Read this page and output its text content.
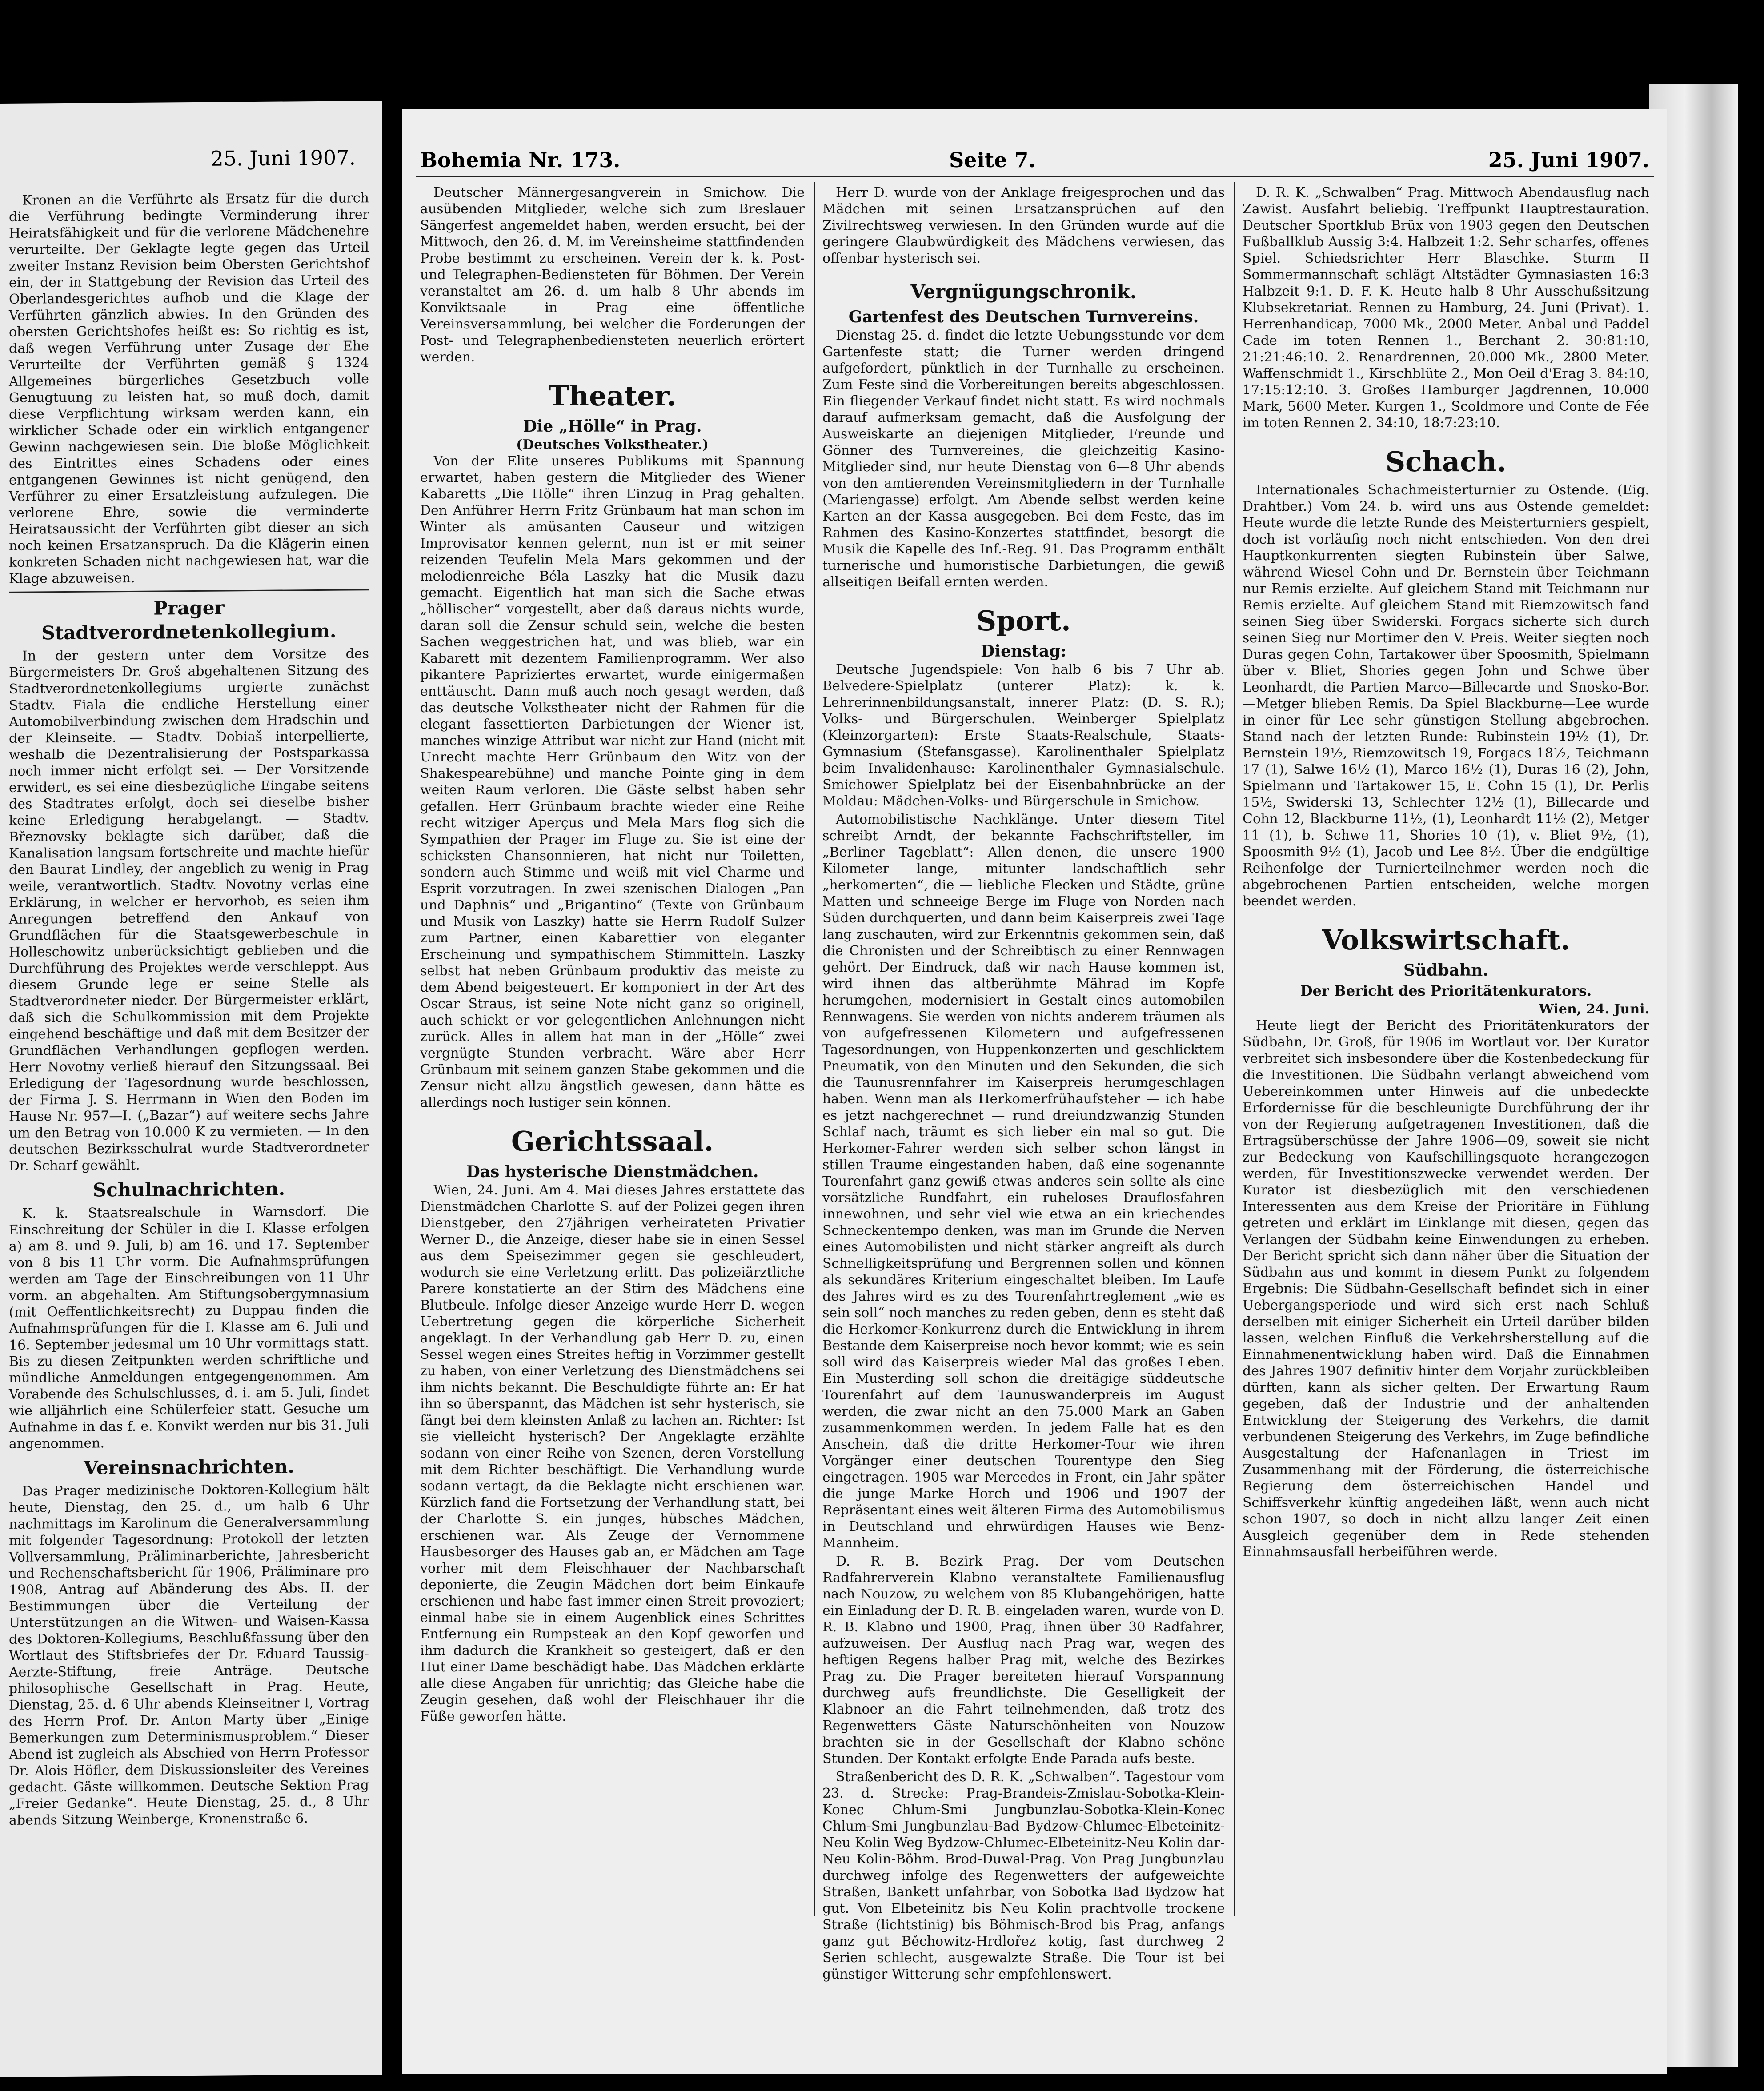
25. Juni 1907.

Kronen an die Verführte als Ersatz für die durch die Verführung bedingte Verminderung ihrer Heiratsfähigkeit und für die verlorene Mädchenehre verurteilte. Der Geklagte legte gegen das Urteil zweiter Instanz Revision beim Obersten Gerichtshof ein, der in Stattgebung der Revision das Urteil des Oberlandesgerichtes aufhob und die Klage der Verführten gänzlich abwies. In den Gründen des obersten Gerichtshofes heißt es: So richtig es ist, daß wegen Verführung unter Zusage der Ehe Verurteilte der Verführten gemäß § 1324 Allgemeines bürgerliches Gesetzbuch volle Genugtuung zu leisten hat, so muß doch, damit diese Verpflichtung wirksam werden kann, ein wirklicher Schade oder ein wirklich entgangener Gewinn nachgewiesen sein. Die bloße Möglichkeit des Eintrittes eines Schadens oder eines entgangenen Gewinnes ist nicht genügend, den Verführer zu einer Ersatzleistung aufzulegen. Die verlorene Ehre, sowie die verminderte Heiratsaussicht der Verführten gibt dieser an sich noch keinen Ersatzanspruch. Da die Klägerin einen konkreten Schaden nicht nachgewiesen hat, war die Klage abzuweisen.

Prager Stadtverordnetenkollegium.

In der gestern unter dem Vorsitze des Bürgermeisters Dr. Groš abgehaltenen Sitzung des Stadtverordnetenkollegiums urgierte zunächst Stadtv. Fiala die endliche Herstellung einer Automobilverbindung zwischen dem Hradschin und der Kleinseite. — Stadtv. Dobiaš interpellierte, weshalb die Dezentralisierung der Postsparkassa noch immer nicht erfolgt sei. — Der Vorsitzende erwidert, es sei eine diesbezügliche Eingabe seitens des Stadtrates erfolgt, doch sei dieselbe bisher keine Erledigung herabgelangt. — Stadtv. Březnovsky beklagte sich darüber, daß die Kanalisation langsam fortschreite und machte hiefür den Baurat Lindley, der angeblich zu wenig in Prag weile, verantwortlich. Stadtv. Novotny verlas eine Erklärung, in welcher er hervorhob, es seien ihm Anregungen betreffend den Ankauf von Grundflächen für die Staatsgewerbeschule in Holleschowitz unberücksichtigt geblieben und die Durchführung des Projektes werde verschleppt. Aus diesem Grunde lege er seine Stelle als Stadtverordneter nieder. Der Bürgermeister erklärt, daß sich die Schulkommission mit dem Projekte eingehend beschäftige und daß mit dem Besitzer der Grundflächen Verhandlungen gepflogen werden. Herr Novotny verließ hierauf den Sitzungssaal. Bei Erledigung der Tagesordnung wurde beschlossen, der Firma J. S. Herrmann in Wien den Boden im Hause Nr. 957—I. („Bazar“) auf weitere sechs Jahre um den Betrag von 10.000 K zu vermieten. — In den deutschen Bezirksschulrat wurde Stadtverordneter Dr. Scharf gewählt.

Schulnachrichten.

K. k. Staatsrealschule in Warnsdorf. Die Einschreitung der Schüler in die I. Klasse erfolgen a) am 8. und 9. Juli, b) am 16. und 17. September von 8 bis 11 Uhr vorm. Die Aufnahmsprüfungen werden am Tage der Einschreibungen von 11 Uhr vorm. an abgehalten. Am Stiftungsobergymnasium (mit Oeffentlichkeitsrecht) zu Duppau finden die Aufnahmsprüfungen für die I. Klasse am 6. Juli und 16. September jedesmal um 10 Uhr vormittags statt. Bis zu diesen Zeitpunkten werden schriftliche und mündliche Anmeldungen entgegengenommen. Am Vorabende des Schulschlusses, d. i. am 5. Juli, findet wie alljährlich eine Schülerfeier statt. Gesuche um Aufnahme in das f. e. Konvikt werden nur bis 31. Juli angenommen.

Vereinsnachrichten.

Das Prager medizinische Doktoren-Kollegium hält heute, Dienstag, den 25. d., um halb 6 Uhr nachmittags im Karolinum die Generalversammlung mit folgender Tagesordnung: Protokoll der letzten Vollversammlung, Präliminarberichte, Jahresbericht und Rechenschaftsbericht für 1906, Präliminare pro 1908, Antrag auf Abänderung des Abs. II. der Bestimmungen über die Verteilung der Unterstützungen an die Witwen- und Waisen-Kassa des Doktoren-Kollegiums, Beschlußfassung über den Wortlaut des Stiftsbriefes der Dr. Eduard Taussig-Aerzte-Stiftung, freie Anträge. Deutsche philosophische Gesellschaft in Prag. Heute, Dienstag, 25. d. 6 Uhr abends Kleinseitner I, Vortrag des Herrn Prof. Dr. Anton Marty über „Einige Bemerkungen zum Determinismusproblem.“ Dieser Abend ist zugleich als Abschied von Herrn Professor Dr. Alois Höfler, dem Diskussionsleiter des Vereines gedacht. Gäste willkommen. Deutsche Sektion Prag „Freier Gedanke“. Heute Dienstag, 25. d., 8 Uhr abends Sitzung Weinberge, Kronenstraße 6.

Bohemia Nr. 173.	Seite 7.	25. Juni 1907.

Deutscher Männergesangverein in Smichow. Die ausübenden Mitglieder, welche sich zum Breslauer Sängerfest angemeldet haben, werden ersucht, bei der Mittwoch, den 26. d. M. im Vereinsheime stattfindenden Probe bestimmt zu erscheinen. Verein der k. k. Post- und Telegraphen-Bediensteten für Böhmen. Der Verein veranstaltet am 26. d. um halb 8 Uhr abends im Konviktsaale in Prag eine öffentliche Vereinsversammlung, bei welcher die Forderungen der Post- und Telegraphenbediensteten neuerlich erörtert werden.

Theater.
Die „Hölle“ in Prag.
(Deutsches Volkstheater.)

Von der Elite unseres Publikums mit Spannung erwartet, haben gestern die Mitglieder des Wiener Kabaretts „Die Hölle“ ihren Einzug in Prag gehalten. Den Anführer Herrn Fritz Grünbaum hat man schon im Winter als amüsanten Causeur und witzigen Improvisator kennen gelernt, nun ist er mit seiner reizenden Teufelin Mela Mars gekommen und der melodienreiche Béla Laszky hat die Musik dazu gemacht. Eigentlich hat man sich die Sache etwas „höllischer“ vorgestellt, aber daß daraus nichts wurde, daran soll die Zensur schuld sein, welche die besten Sachen weggestrichen hat, und was blieb, war ein Kabarett mit dezentem Familienprogramm. Wer also pikantere Papriziertes erwartet, wurde einigermaßen enttäuscht. Dann muß auch noch gesagt werden, daß das deutsche Volkstheater nicht der Rahmen für die elegant fassettierten Darbietungen der Wiener ist, manches winzige Attribut war nicht zur Hand (nicht mit Unrecht machte Herr Grünbaum den Witz von der Shakespearebühne) und manche Pointe ging in dem weiten Raum verloren. Die Gäste selbst haben sehr gefallen. Herr Grünbaum brachte wieder eine Reihe recht witziger Aperçus und Mela Mars flog sich die Sympathien der Prager im Fluge zu. Sie ist eine der schicksten Chansonnieren, hat nicht nur Toiletten, sondern auch Stimme und weiß mit viel Charme und Esprit vorzutragen. In zwei szenischen Dialogen „Pan und Daphnis“ und „Brigantino“ (Texte von Grünbaum und Musik von Laszky) hatte sie Herrn Rudolf Sulzer zum Partner, einen Kabarettier von eleganter Erscheinung und sympathischem Stimmitteln. Laszky selbst hat neben Grünbaum produktiv das meiste zu dem Abend beigesteuert. Er komponiert in der Art des Oscar Straus, ist seine Note nicht ganz so originell, auch schickt er vor gelegentlichen Anlehnungen nicht zurück. Alles in allem hat man in der „Hölle“ zwei vergnügte Stunden verbracht. Wäre aber Herr Grünbaum mit seinem ganzen Stabe gekommen und die Zensur nicht allzu ängstlich gewesen, dann hätte es allerdings noch lustiger sein können.

Gerichtssaal.
Das hysterische Dienstmädchen.

Wien, 24. Juni. Am 4. Mai dieses Jahres erstattete das Dienstmädchen Charlotte S. auf der Polizei gegen ihren Dienstgeber, den 27jährigen verheirateten Privatier Werner D., die Anzeige, dieser habe sie in einen Sessel aus dem Speisezimmer gegen sie geschleudert, wodurch sie eine Verletzung erlitt. Das polizeiärztliche Parere konstatierte an der Stirn des Mädchens eine Blutbeule. Infolge dieser Anzeige wurde Herr D. wegen Uebertretung gegen die körperliche Sicherheit angeklagt. In der Verhandlung gab Herr D. zu, einen Sessel wegen eines Streites heftig in Vorzimmer gestellt zu haben, von einer Verletzung des Dienstmädchens sei ihm nichts bekannt. Die Beschuldigte führte an: Er hat ihn so überspannt, das Mädchen ist sehr hysterisch, sie fängt bei dem kleinsten Anlaß zu lachen an. Richter: Ist sie vielleicht hysterisch? Der Angeklagte erzählte sodann von einer Reihe von Szenen, deren Vorstellung mit dem Richter beschäftigt. Die Verhandlung wurde sodann vertagt, da die Beklagte nicht erschienen war. Kürzlich fand die Fortsetzung der Verhandlung statt, bei der Charlotte S. ein junges, hübsches Mädchen, erschienen war. Als Zeuge der Vernommene Hausbesorger des Hauses gab an, er Mädchen am Tage vorher mit dem Fleischhauer der Nachbarschaft deponierte, die Zeugin Mädchen dort beim Einkaufe erschienen und habe fast immer einen Streit provoziert; einmal habe sie in einem Augenblick eines Schrittes Entfernung ein Rumpsteak an den Kopf geworfen und ihm dadurch die Krankheit so gesteigert, daß er den Hut einer Dame beschädigt habe. Das Mädchen erklärte alle diese Angaben für unrichtig; das Gleiche habe die Zeugin gesehen, daß wohl der Fleischhauer ihr die Füße geworfen hätte.

Herr D. wurde von der Anklage freigesprochen und das Mädchen mit seinen Ersatzansprüchen auf den Zivilrechtsweg verwiesen. In den Gründen wurde auf die geringere Glaubwürdigkeit des Mädchens verwiesen, das offenbar hysterisch sei.

Vergnügungschronik.
Gartenfest des Deutschen Turnvereins.

Dienstag 25. d. findet die letzte Uebungsstunde vor dem Gartenfeste statt; die Turner werden dringend aufgefordert, pünktlich in der Turnhalle zu erscheinen. Zum Feste sind die Vorbereitungen bereits abgeschlossen. Ein fliegender Verkauf findet nicht statt. Es wird nochmals darauf aufmerksam gemacht, daß die Ausfolgung der Ausweiskarte an diejenigen Mitglieder, Freunde und Gönner des Turnvereines, die gleichzeitig Kasino-Mitglieder sind, nur heute Dienstag von 6—8 Uhr abends von den amtierenden Vereinsmitgliedern in der Turnhalle (Mariengasse) erfolgt. Am Abende selbst werden keine Karten an der Kassa ausgegeben. Bei dem Feste, das im Rahmen des Kasino-Konzertes stattfindet, besorgt die Musik die Kapelle des Inf.-Reg. 91. Das Programm enthält turnerische und humoristische Darbietungen, die gewiß allseitigen Beifall ernten werden.

Sport.
Dienstag:

Deutsche Jugendspiele: Von halb 6 bis 7 Uhr ab. Belvedere-Spielplatz (unterer Platz): k. k. Lehrerinnenbildungsanstalt, innerer Platz: (D. S. R.); Volks- und Bürgerschulen. Weinberger Spielplatz (Kleinzorgarten): Erste Staats-Realschule, Staats-Gymnasium (Stefansgasse). Karolinenthaler Spielplatz beim Invalidenhause: Karolinenthaler Gymnasialschule. Smichower Spielplatz bei der Eisenbahnbrücke an der Moldau: Mädchen-Volks- und Bürgerschule in Smichow.

Automobilistische Nachklänge. Unter diesem Titel schreibt Arndt, der bekannte Fachschriftsteller, im „Berliner Tageblatt“: Allen denen, die unsere 1900 Kilometer lange, mitunter landschaftlich sehr „herkomerten“, die — liebliche Flecken und Städte, grüne Matten und schneeige Berge im Fluge von Norden nach Süden durchquerten, und dann beim Kaiserpreis zwei Tage lang zuschauten, wird zur Erkenntnis gekommen sein, daß die Chronisten und der Schreibtisch zu einer Rennwagen gehört. Der Eindruck, daß wir nach Hause kommen ist, wird ihnen das altberühmte Mährad im Kopfe herumgehen, modernisiert in Gestalt eines automobilen Rennwagens. Sie werden von nichts anderem träumen als von aufgefressenen Kilometern und aufgefressenen Tagesordnungen, von Huppenkonzerten und geschlicktem Pneumatik, von den Minuten und den Sekunden, die sich die Taunusrennfahrer im Kaiserpreis herumgeschlagen haben. Wenn man als Herkomerfrühaufsteher — ich habe es jetzt nachgerechnet — rund dreiundzwanzig Stunden Schlaf nach, träumt es sich lieber ein mal so gut. Die Herkomer-Fahrer werden sich selber schon längst in stillen Traume eingestanden haben, daß eine sogenannte Tourenfahrt ganz gewiß etwas anderes sein sollte als eine vorsätzliche Rundfahrt, ein ruheloses Drauflosfahren innewohnen, und sehr viel wie etwa an ein kriechendes Schneckentempo denken, was man im Grunde die Nerven eines Automobilisten und nicht stärker angreift als durch Schnelligkeitsprüfung und Bergrennen sollen und können als sekundäres Kriterium eingeschaltet bleiben. Im Laufe des Jahres wird es zu des Tourenfahrtreglement „wie es sein soll“ noch manches zu reden geben, denn es steht daß die Herkomer-Konkurrenz durch die Entwicklung in ihrem Bestande dem Kaiserpreise noch bevor kommt; wie es sein soll wird das Kaiserpreis wieder Mal das großes Leben. Ein Musterding soll schon die dreitägige süddeutsche Tourenfahrt auf dem Taunuswanderpreis im August werden, die zwar nicht an den 75.000 Mark an Gaben zusammenkommen werden. In jedem Falle hat es den Anschein, daß die dritte Herkomer-Tour wie ihren Vorgänger einer deutschen Tourentype den Sieg eingetragen. 1905 war Mercedes in Front, ein Jahr später die junge Marke Horch und 1906 und 1907 der Repräsentant eines weit älteren Firma des Automobilismus in Deutschland und ehrwürdigen Hauses wie Benz-Mannheim.

D. R. B. Bezirk Prag. Der vom Deutschen Radfahrerverein Klabno veranstaltete Familienausflug nach Nouzow, zu welchem von 85 Klubangehörigen, hatte ein Einladung der D. R. B. eingeladen waren, wurde von D. R. B. Klabno und 1900, Prag, ihnen über 30 Radfahrer, aufzuweisen. Der Ausflug nach Prag war, wegen des heftigen Regens halber Prag mit, welche des Bezirkes Prag zu. Die Prager bereiteten hierauf Vorspannung durchweg aufs freundlichste. Die Geselligkeit der Klabnoer an die Fahrt teilnehmenden, daß trotz des Regenwetters Gäste Naturschönheiten von Nouzow brachten sie in der Gesellschaft der Klabno schöne Stunden. Der Kontakt erfolgte Ende Parada aufs beste.

Straßenbericht des D. R. K. „Schwalben“. Tagestour vom 23. d. Strecke: Prag-Brandeis-Zmislau-Sobotka-Klein-Konec Chlum-Smi Jungbunzlau-Sobotka-Klein-Konec Chlum-Smi Jungbunzlau-Bad Bydzow-Chlumec-Elbeteinitz-Neu Kolin Weg Bydzow-Chlumec-Elbeteinitz-Neu Kolin dar-Neu Kolin-Böhm. Brod-Duwal-Prag. Von Prag Jungbunzlau durchweg infolge des Regenwetters der aufgeweichte Straßen, Bankett unfahrbar, von Sobotka Bad Bydzow hat gut. Von Elbeteinitz bis Neu Kolin prachtvolle trockene Straße (lichtstinig) bis Böhmisch-Brod bis Prag, anfangs ganz gut Běchowitz-Hrdlořez kotig, fast durchweg 2 Serien schlecht, ausgewalzte Straße. Die Tour ist bei günstiger Witterung sehr empfehlenswert.

D. R. K. „Schwalben“ Prag. Mittwoch Abendausflug nach Zawist. Ausfahrt beliebig. Treffpunkt Hauptrestauration. Deutscher Sportklub Brüx von 1903 gegen den Deutschen Fußballklub Aussig 3:4. Halbzeit 1:2. Sehr scharfes, offenes Spiel. Schiedsrichter Herr Blaschke. Sturm II Sommermannschaft schlägt Altstädter Gymnasiasten 16:3 Halbzeit 9:1. D. F. K. Heute halb 8 Uhr Ausschußsitzung Klubsekretariat. Rennen zu Hamburg, 24. Juni (Privat). 1. Herrenhandicap, 7000 Mk., 2000 Meter. Anbal und Paddel Cade im toten Rennen 1., Berchant 2. 30:81:10, 21:21:46:10. 2. Renardrennen, 20.000 Mk., 2800 Meter. Waffenschmidt 1., Kirschblüte 2., Mon Oeil d'Erag 3. 84:10, 17:15:12:10. 3. Großes Hamburger Jagdrennen, 10.000 Mark, 5600 Meter. Kurgen 1., Scoldmore und Conte de Fée im toten Rennen 2. 34:10, 18:7:23:10.

Schach.

Internationales Schachmeisterturnier zu Ostende. (Eig. Drahtber.) Vom 24. b. wird uns aus Ostende gemeldet: Heute wurde die letzte Runde des Meisterturniers gespielt, doch ist vorläufig noch nicht entschieden. Von den drei Hauptkonkurrenten siegten Rubinstein über Salwe, während Wiesel Cohn und Dr. Bernstein über Teichmann nur Remis erzielte. Auf gleichem Stand mit Teichmann nur Remis erzielte. Auf gleichem Stand mit Riemzowitsch fand seinen Sieg über Swiderski. Forgacs sicherte sich durch seinen Sieg nur Mortimer den V. Preis. Weiter siegten noch Duras gegen Cohn, Tartakower über Spoosmith, Spielmann über v. Bliet, Shories gegen John und Schwe über Leonhardt, die Partien Marco—Billecarde und Snosko-Bor.—Metger blieben Remis. Da Spiel Blackburne—Lee wurde in einer für Lee sehr günstigen Stellung abgebrochen. Stand nach der letzten Runde: Rubinstein 19½ (1), Dr. Bernstein 19½, Riemzowitsch 19, Forgacs 18½, Teichmann 17 (1), Salwe 16½ (1), Marco 16½ (1), Duras 16 (2), John, Spielmann und Tartakower 15, E. Cohn 15 (1), Dr. Perlis 15½, Swiderski 13, Schlechter 12½ (1), Billecarde und Cohn 12, Blackburne 11½, (1), Leonhardt 11½ (2), Metger 11 (1), b. Schwe 11, Shories 10 (1), v. Bliet 9½, (1), Spoosmith 9½ (1), Jacob und Lee 8½. Über die endgültige Reihenfolge der Turnierteilnehmer werden noch die abgebrochenen Partien entscheiden, welche morgen beendet werden.

Volkswirtschaft.
Südbahn.
Der Bericht des Prioritätenkurators.
Wien, 24. Juni.

Heute liegt der Bericht des Prioritätenkurators der Südbahn, Dr. Groß, für 1906 im Wortlaut vor. Der Kurator verbreitet sich insbesondere über die Kostenbedeckung für die Investitionen. Die Südbahn verlangt abweichend vom Uebereinkommen unter Hinweis auf die unbedeckte Erfordernisse für die beschleunigte Durchführung der ihr von der Regierung aufgetragenen Investitionen, daß die Ertragsüberschüsse der Jahre 1906—09, soweit sie nicht zur Bedeckung von Kaufschillingsquote herangezogen werden, für Investitionszwecke verwendet werden. Der Kurator ist diesbezüglich mit den verschiedenen Interessenten aus dem Kreise der Prioritäre in Fühlung getreten und erklärt im Einklange mit diesen, gegen das Verlangen der Südbahn keine Einwendungen zu erheben. Der Bericht spricht sich dann näher über die Situation der Südbahn aus und kommt in diesem Punkt zu folgendem Ergebnis: Die Südbahn-Gesellschaft befindet sich in einer Uebergangsperiode und wird sich erst nach Schluß derselben mit einiger Sicherheit ein Urteil darüber bilden lassen, welchen Einfluß die Verkehrsherstellung auf die Einnahmenentwicklung haben wird. Daß die Einnahmen des Jahres 1907 definitiv hinter dem Vorjahr zurückbleiben dürften, kann als sicher gelten. Der Erwartung Raum gegeben, daß der Industrie und der anhaltenden Entwicklung der Steigerung des Verkehrs, die damit verbundenen Steigerung des Verkehrs, im Zuge befindliche Ausgestaltung der Hafenanlagen in Triest im Zusammenhang mit der Förderung, die österreichische Regierung dem österreichischen Handel und Schiffsverkehr künftig angedeihen läßt, wenn auch nicht schon 1907, so doch in nicht allzu langer Zeit einen Ausgleich gegenüber dem in Rede stehenden Einnahmsausfall herbeiführen werde.
